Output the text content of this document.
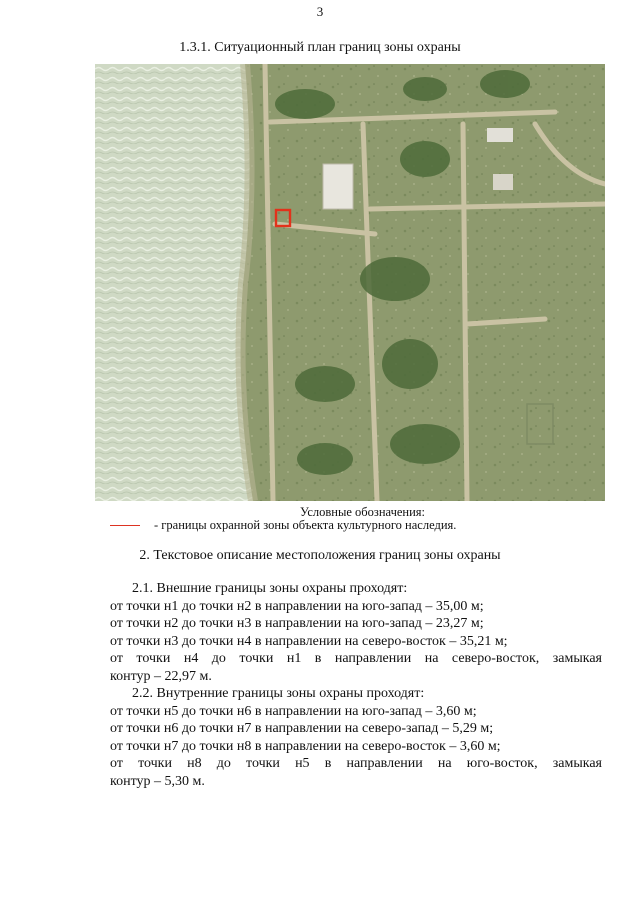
3
1.3.1. Ситуационный план границ зоны охраны
Условные обозначения:
- границы охранной зоны объекта культурного наследия.
2. Текстовое описание местоположения границ зоны охраны

2.1. Внешние границы зоны охраны проходят:

от точки н1 до точки н2 в направлении на юго-запад – 35,00 м;

от точки н2 до точки н3 в направлении на юго-запад – 23,27 м;

от точки н3 до точки н4 в направлении на северо-восток – 35,21 м;

от точки н4 до точки н1 в направлении на северо-восток, замыкая

контур – 22,97 м.

2.2. Внутренние границы зоны охраны проходят:

от точки н5 до точки н6 в направлении на юго-запад – 3,60 м;

от точки н6 до точки н7 в направлении на северо-запад – 5,29 м;

от точки н7 до точки н8 в направлении на северо-восток – 3,60 м;

от точки н8 до точки н5 в направлении на юго-восток, замыкая

контур – 5,30 м.
